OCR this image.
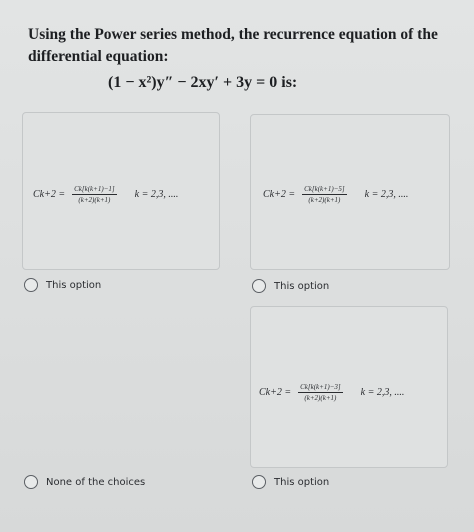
Using the Power series method, the recurrence equation of the differential equation:
(1 − x²)y″ − 2xy′ + 3y = 0 is:
$Ck+2 = \frac{Ck[k(k+1)-1]}{(k+2)(k+1)}$ k = 2,3, ....	$Ck+2 = \frac{Ck[k(k+1)-5]}{(k+2)(k+1)}$ k = 2,3, ....
This option	This option
$Ck+2 = \frac{Ck[k(k+1)-3]}{(k+2)(k+1)}$ k = 2,3, ....
None of the choices	This option
